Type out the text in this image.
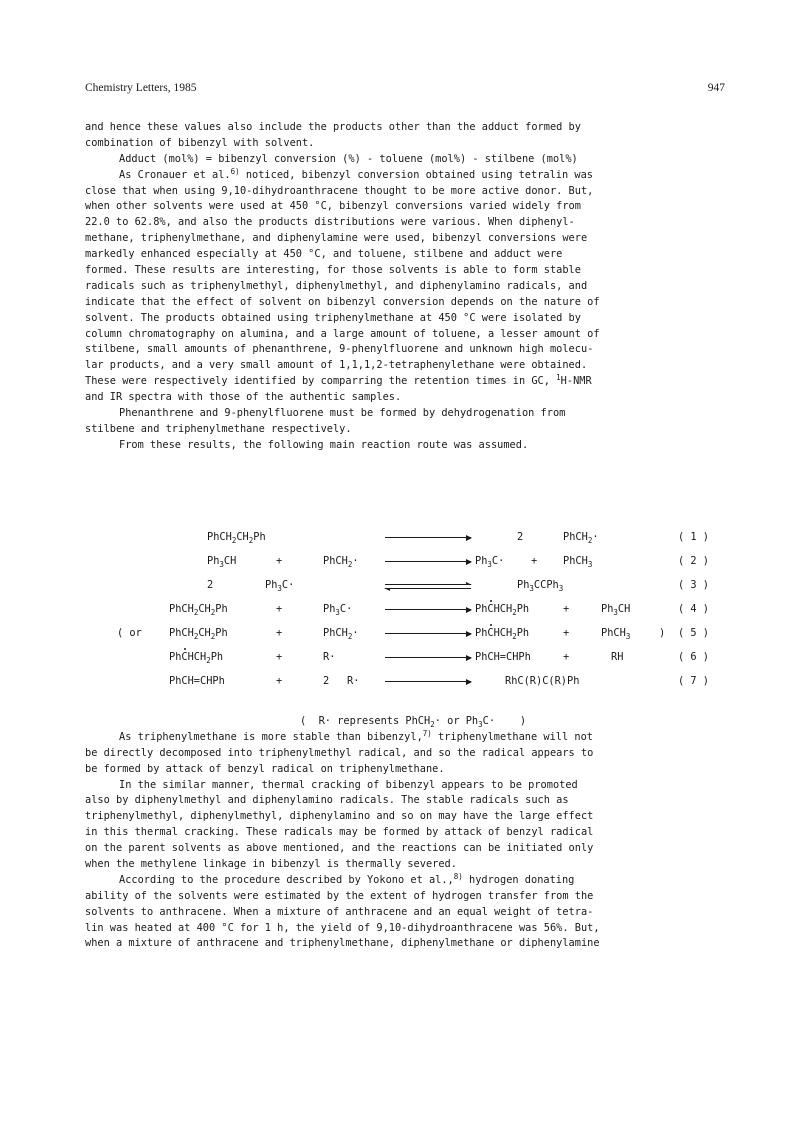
Chemistry Letters, 1985	947
and hence these values also include the products other than the adduct formed by
combination of bibenzyl with solvent.
Adduct (mol%) = bibenzyl conversion (%) - toluene (mol%) - stilbene (mol%)
As Cronauer et al.$^{6)}$ noticed, bibenzyl conversion obtained using tetralin was
close that when using 9,10-dihydroanthracene thought to be more active donor. But,
when other solvents were used at 450 °C, bibenzyl conversions varied widely from
22.0 to 62.8%, and also the products distributions were various. When diphenyl-
methane, triphenylmethane, and diphenylamine were used, bibenzyl conversions were
markedly enhanced especially at 450 °C, and toluene, stilbene and adduct were
formed. These results are interesting, for those solvents is able to form stable
radicals such as triphenylmethyl, diphenylmethyl, and diphenylamino radicals, and
indicate that the effect of solvent on bibenzyl conversion depends on the nature of
solvent. The products obtained using triphenylmethane at 450 °C were isolated by
column chromatography on alumina, and a large amount of toluene, a lesser amount of
stilbene, small amounts of phenanthrene, 9-phenylfluorene and unknown high molecu-
lar products, and a very small amount of 1,1,1,2-tetraphenylethane were obtained.
These were respectively identified by comparring the retention times in GC, $^1$H-NMR
and IR spectra with those of the authentic samples.
Phenanthrene and 9-phenylfluorene must be formed by dehydrogenation from
stilbene and triphenylmethane respectively.
From these results, the following main reaction route was assumed.
$PhCH_2CH_2Ph$	2	PhCH$_2$·	( 1 )
$Ph_3CH$	+	PhCH$_2$·	$Ph_3C\cdot$	+	PhCH$_3$	( 2 )
2	$Ph_3C\cdot$	$Ph_3CCPh_3$	( 3 )
$PhCH_2CH_2Ph$	+	$Ph_3C\cdot$	PhCHCH$_2$Ph	+	$Ph_3CH$	( 4 )
( or	$PhCH_2CH_2Ph$	+	PhCH$_2$·	PhCHCH$_2$Ph	+	PhCH$_3$	) ( 5 )
PhCHCH$_2$Ph	+	R·	PhCH=CHPh	+	RH	( 6 )
PhCH=CHPh	+	2 R·	RhC(R)C(R)Ph	( 7 )
( R· represents PhCH$_2$· or $Ph_3C\cdot$ )
As triphenylmethane is more stable than bibenzyl,$^{7)}$ triphenylmethane will not
be directly decomposed into triphenylmethyl radical, and so the radical appears to
be formed by attack of benzyl radical on triphenylmethane.
In the similar manner, thermal cracking of bibenzyl appears to be promoted
also by diphenylmethyl and diphenylamino radicals. The stable radicals such as
triphenylmethyl, diphenylmethyl, diphenylamino and so on may have the large effect
in this thermal cracking. These radicals may be formed by attack of benzyl radical
on the parent solvents as above mentioned, and the reactions can be initiated only
when the methylene linkage in bibenzyl is thermally severed.
According to the procedure described by Yokono et al.,$^{8)}$ hydrogen donating
ability of the solvents were estimated by the extent of hydrogen transfer from the
solvents to anthracene. When a mixture of anthracene and an equal weight of tetra-
lin was heated at 400 °C for 1 h, the yield of 9,10-dihydroanthracene was 56%. But,
when a mixture of anthracene and triphenylmethane, diphenylmethane or diphenylamine
